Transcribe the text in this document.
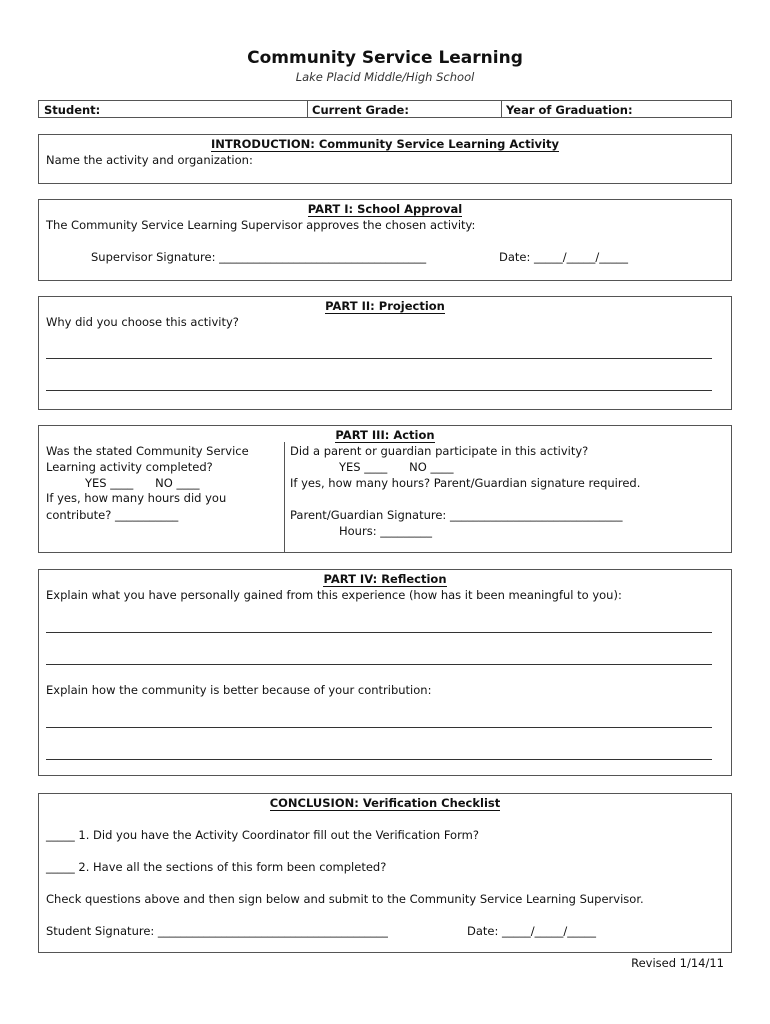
Community Service Learning
Lake Placid Middle/High School
Student:	Current Grade:	Year of Graduation:
INTRODUCTION: Community Service Learning Activity
Name the activity and organization:
PART I: School Approval
The Community Service Learning Supervisor approves the chosen activity:
Supervisor Signature: ____________________________________	Date: _____/_____/_____
PART II: Projection
Why did you choose this activity?
PART III: Action
Was the stated Community Service
Learning activity completed?
YES ____      NO ____
If yes, how many hours did you
contribute? ___________
Did a parent or guardian participate in this activity?
YES ____      NO ____
If yes, how many hours? Parent/Guardian signature required.
Parent/Guardian Signature: ______________________________
Hours: _________
PART IV: Reflection
Explain what you have personally gained from this experience (how has it been meaningful to you):
Explain how the community is better because of your contribution:
CONCLUSION: Verification Checklist
_____ 1. Did you have the Activity Coordinator fill out the Verification Form?
_____ 2. Have all the sections of this form been completed?
Check questions above and then sign below and submit to the Community Service Learning Supervisor.
Student Signature: ________________________________________	Date: _____/_____/_____
Revised 1/14/11
